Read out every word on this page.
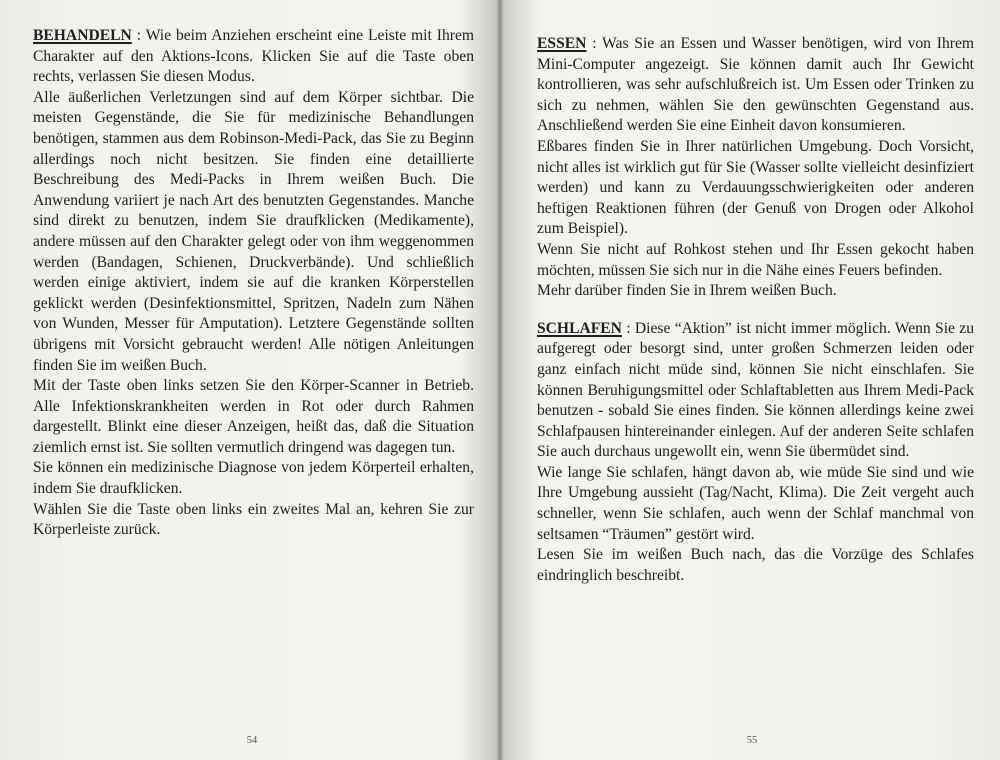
BEHANDELN : Wie beim Anziehen erscheint eine Leiste mit Ihrem Charakter auf den Aktions-Icons. Klicken Sie auf die Taste oben rechts, verlassen Sie diesen Modus.

Alle äußerlichen Verletzungen sind auf dem Körper sichtbar. Die meisten Gegenstände, die Sie für medizinische Behandlungen benötigen, stammen aus dem Robinson-Medi-Pack, das Sie zu Beginn allerdings noch nicht besitzen. Sie finden eine detaillierte Beschreibung des Medi-Packs in Ihrem weißen Buch. Die Anwendung variiert je nach Art des benutzten Gegenstandes. Manche sind direkt zu benutzen, indem Sie draufklicken (Medikamente), andere müssen auf den Charakter gelegt oder von ihm weggenommen werden (Bandagen, Schienen, Druckverbände). Und schließlich werden einige aktiviert, indem sie auf die kranken Körperstellen geklickt werden (Desinfektionsmittel, Spritzen, Nadeln zum Nähen von Wunden, Messer für Amputation). Letztere Gegenstände sollten übrigens mit Vorsicht gebraucht werden! Alle nötigen Anleitungen finden Sie im weißen Buch.

Mit der Taste oben links setzen Sie den Körper-Scanner in Betrieb. Alle Infektionskrankheiten werden in Rot oder durch Rahmen dargestellt. Blinkt eine dieser Anzeigen, heißt das, daß die Situation ziemlich ernst ist. Sie sollten vermutlich dringend was dagegen tun.

Sie können ein medizinische Diagnose von jedem Körperteil erhalten, indem Sie draufklicken.

Wählen Sie die Taste oben links ein zweites Mal an, kehren Sie zur Körperleiste zurück.

54

ESSEN : Was Sie an Essen und Wasser benötigen, wird von Ihrem Mini-Computer angezeigt. Sie können damit auch Ihr Gewicht kontrollieren, was sehr aufschlußreich ist. Um Essen oder Trinken zu sich zu nehmen, wählen Sie den gewünschten Gegenstand aus. Anschließend werden Sie eine Einheit davon konsumieren.

Eßbares finden Sie in Ihrer natürlichen Umgebung. Doch Vorsicht, nicht alles ist wirklich gut für Sie (Wasser sollte vielleicht desinfiziert werden) und kann zu Verdauungsschwierigkeiten oder anderen heftigen Reaktionen führen (der Genuß von Drogen oder Alkohol zum Beispiel).

Wenn Sie nicht auf Rohkost stehen und Ihr Essen gekocht haben möchten, müssen Sie sich nur in die Nähe eines Feuers befinden.

Mehr darüber finden Sie in Ihrem weißen Buch.

SCHLAFEN : Diese “Aktion” ist nicht immer möglich. Wenn Sie zu aufgeregt oder besorgt sind, unter großen Schmerzen leiden oder ganz einfach nicht müde sind, können Sie nicht einschlafen. Sie können Beruhigungsmittel oder Schlaftabletten aus Ihrem Medi-Pack benutzen - sobald Sie eines finden. Sie können allerdings keine zwei Schlafpausen hintereinander einlegen. Auf der anderen Seite schlafen Sie auch durchaus ungewollt ein, wenn Sie übermüdet sind.

Wie lange Sie schlafen, hängt davon ab, wie müde Sie sind und wie Ihre Umgebung aussieht (Tag/Nacht, Klima). Die Zeit vergeht auch schneller, wenn Sie schlafen, auch wenn der Schlaf manchmal von seltsamen “Träumen” gestört wird.

Lesen Sie im weißen Buch nach, das die Vorzüge des Schlafes eindringlich beschreibt.

55
